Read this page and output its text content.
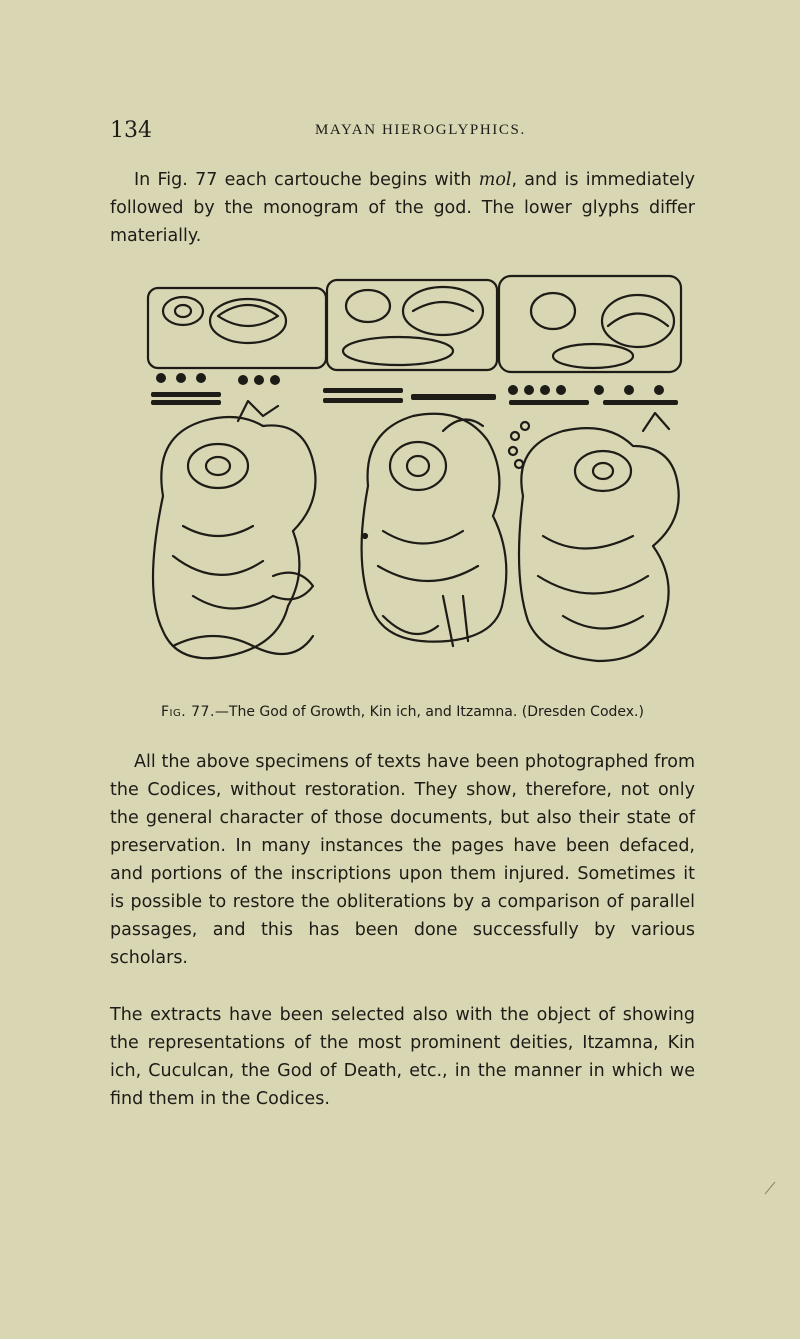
134	MAYAN HIEROGLYPHICS.

In Fig. 77 each cartouche begins with mol, and is immediately followed by the monogram of the god. The lower glyphs differ materially.

Fig. 77.—The God of Growth, Kin ich, and Itzamna. (Dresden Codex.)

All the above specimens of texts have been photographed from the Codices, without restoration. They show, therefore, not only the general character of those documents, but also their state of preservation. In many instances the pages have been defaced, and portions of the inscriptions upon them injured. Sometimes it is possible to restore the obliterations by a comparison of parallel passages, and this has been done successfully by various scholars.

The extracts have been selected also with the object of showing the representations of the most prominent deities, Itzamna, Kin ich, Cuculcan, the God of Death, etc., in the manner in which we find them in the Codices.
